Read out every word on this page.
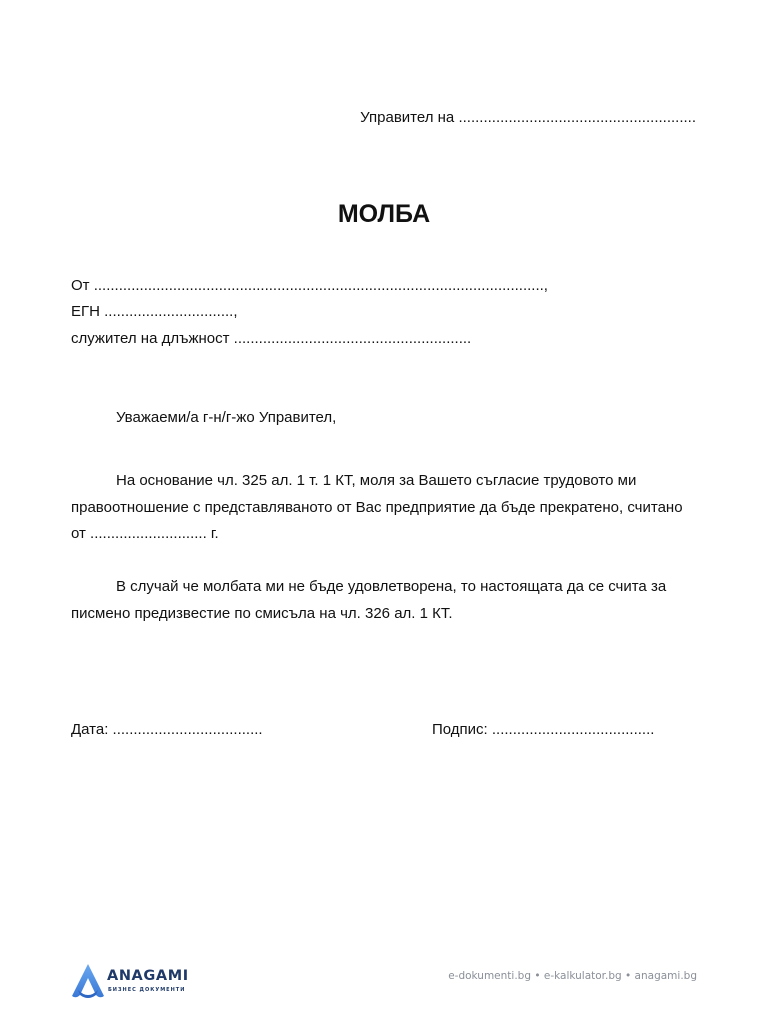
Управител на .........................................................
МОЛБА
От ............................................................................................................,
ЕГН ...............................,
служител на длъжност .........................................................
Уважаеми/а г-н/г-жо Управител,

На основание чл. 325 ал. 1 т. 1 КТ, моля за Вашето съгласие трудовото ми правоотношение с представляваното от Вас предприятие да бъде прекратено, считано от ............................ г.

В случай че молбата ми не бъде удовлетворена, то настоящата да се счита за писмено предизвестие по смисъла на чл. 326 ал. 1 КТ.

Дата: ....................................	Подпис: .......................................
ANAGAMI
БИЗНЕС ДОКУМЕНТИ
e-dokumenti.bg • e-kalkulator.bg • anagami.bg
